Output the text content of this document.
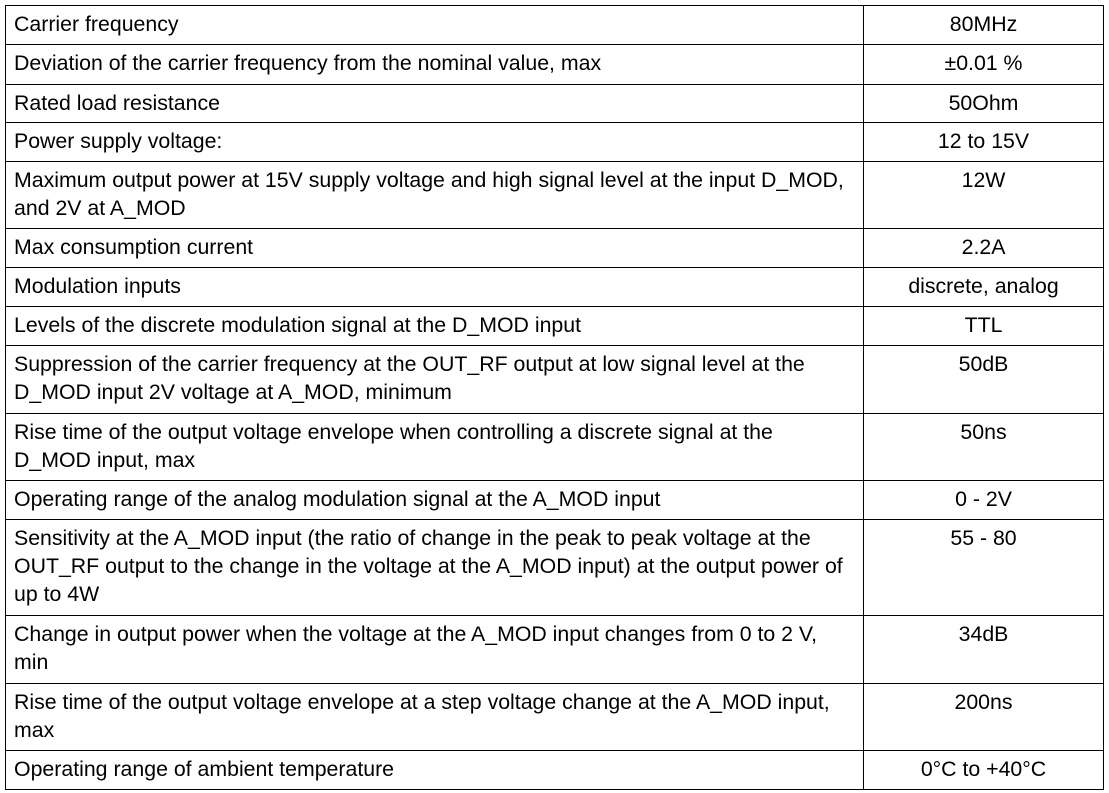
Carrier frequency	80MHz
Deviation of the carrier frequency from the nominal value, max	±0.01 %
Rated load resistance	50Ohm
Power supply voltage:	12 to 15V
Maximum output power at 15V supply voltage and high signal level at the input D_MOD, and 2V at A_MOD	12W
Max consumption current	2.2A
Modulation inputs	discrete, analog
Levels of the discrete modulation signal at the D_MOD input	TTL
Suppression of the carrier frequency at the OUT_RF output at low signal level at the D_MOD input 2V voltage at A_MOD, minimum	50dB
Rise time of the output voltage envelope when controlling a discrete signal at the D_MOD input, max	50ns
Operating range of the analog modulation signal at the A_MOD input	0 - 2V
Sensitivity at the A_MOD input (the ratio of change in the peak to peak voltage at the OUT_RF output to the change in the voltage at the A_MOD input) at the output power of up to 4W	55 - 80
Change in output power when the voltage at the A_MOD input changes from 0 to 2 V, min	34dB
Rise time of the output voltage envelope at a step voltage change at the A_MOD input, max	200ns
Operating range of ambient temperature	0°C to +40°C
